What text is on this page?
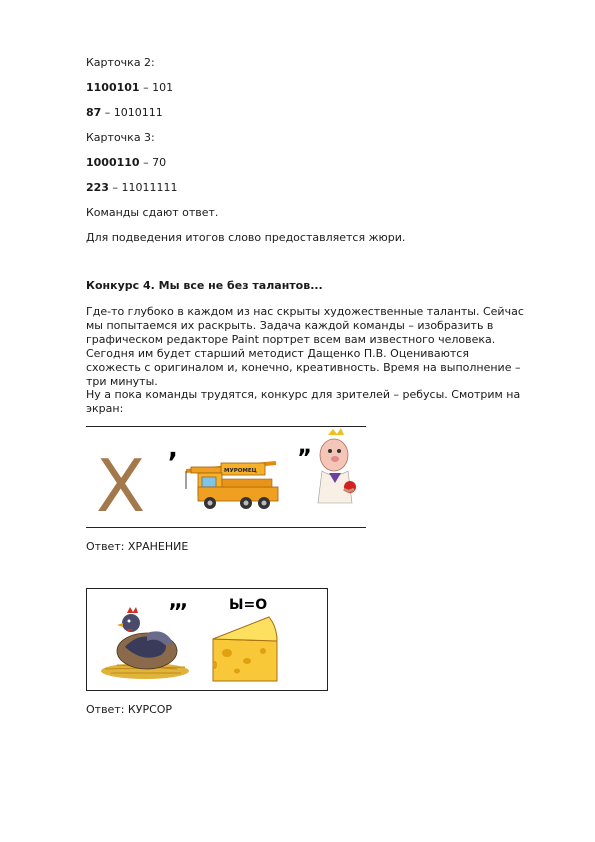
Карточка 2:
1100101 – 101
87 – 1010111
Карточка 3:
1000110 – 70
223 – 11011111
Команды сдают ответ.
Для подведения итогов слово предоставляется жюри.
Конкурс 4. Мы все не без талантов...
Где-то глубоко в каждом из нас скрыты художественные таланты. Сейчас мы попытаемся их раскрыть. Задача каждой команды – изобразить в графическом редакторе Paint портрет всем вам известного человека. Сегодня им будет старший методист Дащенко П.В. Оцениваются схожесть с оригиналом и, конечно, креативность. Время на выполнение – три минуты.
Ну а пока команды трудятся, конкурс для зрителей – ребусы. Смотрим на экран:
Х ,
МУРОМЕЦ
,,
Ответ: ХРАНЕНИЕ
,,,	Ы=О
Ответ: КУРСОР
